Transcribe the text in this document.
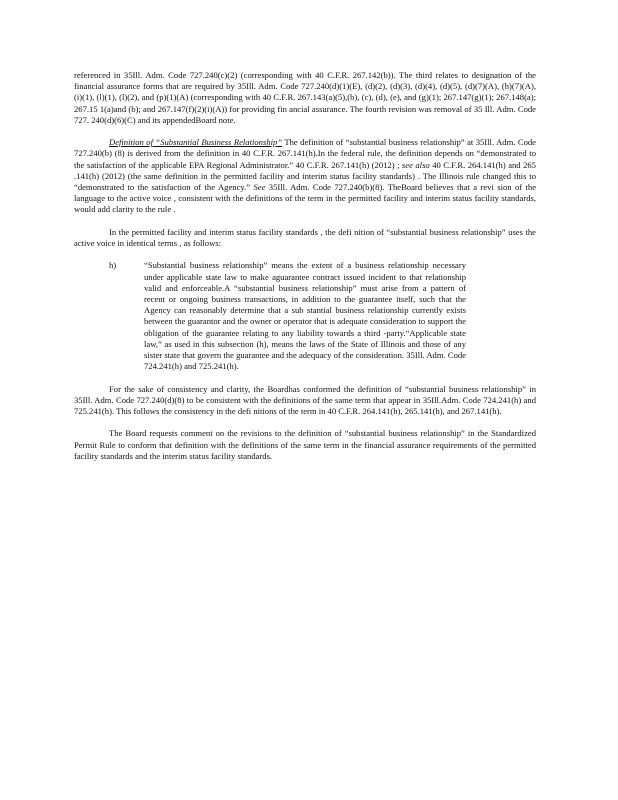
referenced in 35Ill. Adm. Code 727.240(c)(2) (corresponding with 40 C.F.R. 267.142(b)). The third relates to designation of the financial assurance forms that are required by 35Ill. Adm. Code 727.240(d)(1)(E), (d)(2), (d)(3), (d)(4), (d)(5), (d)(7)(A), (h)(7)(A), (i)(1), (l)(1), (l)(2), and (p)(1)(A) (corresponding with 40 C.F.R. 267.143(a)(5),(b), (c), (d), (e), and (g)(1); 267.147(g)(1); 267.148(a); 267.15 1(a)and (b); and 267.147(f)(2)(i)(A)) for providing fin ancial assurance. The fourth revision was removal of 35 Ill. Adm. Code 727. 240(d)(6)(C) and its appendedBoard note.

Definition of “Substantial Business Relationship” The definition of “substantial business relationship” at 35Ill. Adm. Code 727.240(b) (8) is derived from the definition in 40 C.F.R. 267.141(h).In the federal rule, the definition depends on “demonstrated to the satisfaction of the applicable EPA Regional Administrator.” 40 C.F.R. 267.141(h) (2012) ; see also 40 C.F.R. 264.141(h) and 265 .141(h) (2012) (the same definition in the permitted facility and interim status facility standards) . The Illinois rule changed this to “demonstrated to the satisfaction of the Agency.” See 35Ill. Adm. Code 727.240(b)(8). TheBoard believes that a revi sion of the language to the active voice , consistent with the definitions of the term in the permitted facility and interim status facility standards, would add clarity to the rule .

In the permitted facility and interim status facility standards , the defi nition of “substantial business relationship” uses the active voice in identical terms , as follows:

h)	“Substantial business relationship” means the extent of a business relationship necessary under applicable state law to make aguarantee contract issued incident to that relationship valid and enforceable.A “substantial business relationship” must arise from a pattern of recent or ongoing business transactions, in addition to the guarantee itself, such that the Agency can reasonably determine that a sub stantial business relationship currently exists between the guarantor and the owner or operator that is adequate consideration to support the obligation of the guarantee relating to any liability towards a third -party.“Applicable state law,” as used in this subsection (h), means the laws of the State of Illinois and those of any sister state that govern the guarantee and the adequacy of the consideration. 35Ill. Adm. Code 724.241(h) and 725.241(h).

For the sake of consistency and clarity, the Boardhas conformed the definition of “substantial business relationship” in 35Ill. Adm. Code 727.240(d)(8) to be consistent with the definitions of the same term that appear in 35Ill.Adm. Code 724.241(h) and 725.241(h). This follows the consistency in the defi nitions of the term in 40 C.F.R. 264.141(h), 265.141(h), and 267.141(h).

The Board requests comment on the revisions to the definition of “substantial business relationship” in the Standardized Permit Rule to conform that definition with the definitions of the same term in the financial assurance requirements of the permitted facility standards and the interim status facility standards.
